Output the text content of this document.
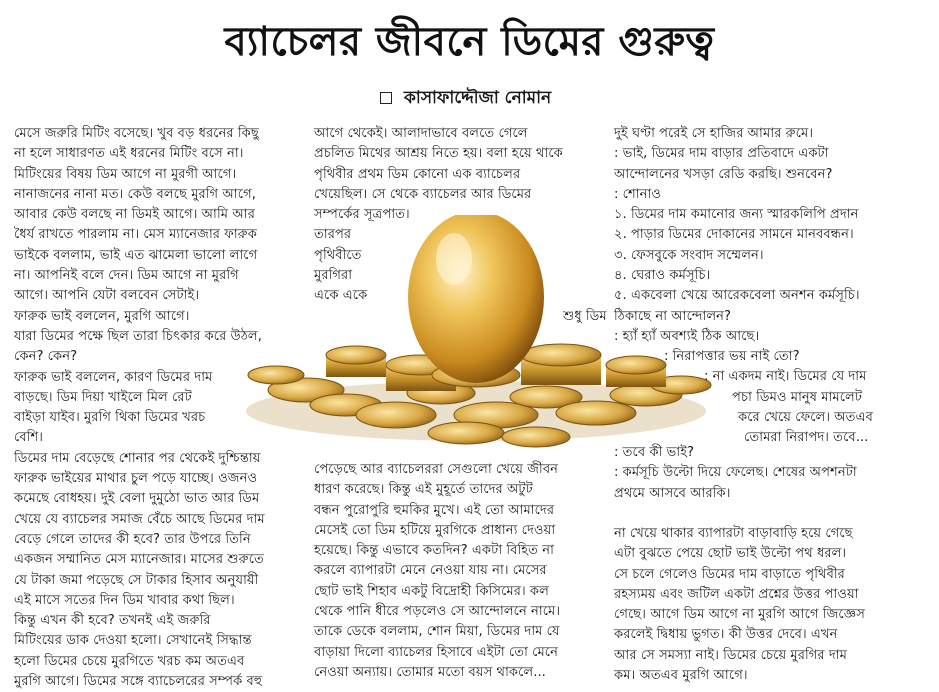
ব্যাচেলর জীবনে ডিমের গুরুত্ব
কাসাফাদ্দৌজা নোমান
মেসে জরুরি মিটিং বসেছে। খুব বড় ধরনের কিছু
না হলে সাধারণত এই ধরনের মিটিং বসে না।
মিটিংয়ের বিষয় ডিম আগে না মুরগী আগে।
নানাজনের নানা মত। কেউ বলছে মুরগি আগে,
আবার কেউ বলছে না ডিমই আগে। আমি আর
ধৈর্য রাখতে পারলাম না। মেস ম্যানেজার ফারুক
ভাইকে বললাম, ভাই এত ঝামেলা ভালো লাগে
না। আপনিই বলে দেন। ডিম আগে না মুরগি
আগে। আপনি যেটা বলবেন সেটাই।
ফারুক ভাই বললেন, মুরগি আগে।
যারা ডিমের পক্ষে ছিল তারা চিৎকার করে উঠল,
কেন? কেন?
ফারুক ভাই বললেন, কারণ ডিমের দাম
বাড়ছে। ডিম দিয়া খাইলে মিল রেট
বাইড়া যাইব। মুরগি থিকা ডিমের খরচ
বেশি।
ডিমের দাম বেড়েছে শোনার পর থেকেই দুশ্চিন্তায়
ফারুক ভাইয়ের মাথার চুল পড়ে যাচ্ছে। ওজনও
কমেছে বোধহয়। দুই বেলা দুমুঠো ভাত আর ডিম
খেয়ে যে ব্যাচেলর সমাজ বেঁচে আছে ডিমের দাম
বেড়ে গেলে তাদের কী হবে? তার উপরে তিনি
একজন সম্মানিত মেস ম্যানেজার। মাসের শুরুতে
যে টাকা জমা পড়েছে সে টাকার হিসাব অনুযায়ী
এই মাসে সতের দিন ডিম খাবার কথা ছিল।
কিন্তু এখন কী হবে? তখনই এই জরুরি
মিটিংয়ের ডাক দেওয়া হলো। সেখানেই সিদ্ধান্ত
হলো ডিমের চেয়ে মুরগিতে খরচ কম অতএব
মুরগি আগে। ডিমের সঙ্গে ব্যাচেলরের সম্পর্ক বহু
আগে থেকেই। আলাদাভাবে বলতে গেলে
প্রচলিত মিথের আশ্রয় নিতে হয়। বলা হয়ে থাকে
পৃথিবীর প্রথম ডিম কোনো এক ব্যাচেলর
খেয়েছিল। সে থেকে ব্যাচেলর আর ডিমের
সম্পর্কের সূত্রপাত।
তারপর
পৃথিবীতে
মুরগিরা
একে একে
শুধু ডিম
পেড়েছে আর ব্যাচেলররা সেগুলো খেয়ে জীবন
ধারণ করেছে। কিন্তু এই মুহূর্তে তাদের অটুট
বন্ধন পুরোপুরি হুমকির মুখে। এই তো আমাদের
মেসেই তো ডিম হটিয়ে মুরগিকে প্রাধান্য দেওয়া
হয়েছে। কিন্তু এভাবে কতদিন? একটা বিহিত না
করলে ব্যাপারটা মেনে নেওয়া যায় না। মেসের
ছোট ভাই শিহাব একটু বিদ্রোহী কিসিমের। কল
থেকে পানি ধীরে পড়লেও সে আন্দোলনে নামে।
তাকে ডেকে বললাম, শোন মিয়া, ডিমের দাম যে
বাড়ায়া দিলো ব্যাচেলর হিসাবে এইটা তো মেনে
নেওয়া অন্যায়। তোমার মতো বয়স থাকলে...
দুই ঘণ্টা পরেই সে হাজির আমার রুমে।
: ভাই, ডিমের দাম বাড়ার প্রতিবাদে একটা
আন্দোলনের খসড়া রেডি করছি। শুনবেন?
: শোনাও
১. ডিমের দাম কমানোর জন্য স্মারকলিপি প্রদান
২. পাড়ার ডিমের দোকানের সামনে মানববন্ধন।
৩. ফেসবুকে সংবাদ সম্মেলন।
৪. ঘেরাও কর্মসূচি।
৫. একবেলা খেয়ে আরেকবেলা অনশন কর্মসূচি।
ঠিকাছে না আন্দোলন?
: হ্যাঁ হ্যাঁ অবশ্যই ঠিক আছে।
: নিরাপত্তার ভয় নাই তো?
: না একদম নাই। ডিমের যে দাম
পচা ডিমও মানুষ মামলেট
করে খেয়ে ফেলে। অতএব
তোমরা নিরাপদ। তবে...
: তবে কী ভাই?
: কর্মসূচি উল্টো দিয়ে ফেলেছ। শেষের অপশনটা
প্রথমে আসবে আরকি।
না খেয়ে থাকার ব্যাপারটা বাড়াবাড়ি হয়ে গেছে
এটা বুঝতে পেয়ে ছোট ভাই উল্টো পথ ধরল।
সে চলে গেলেও ডিমের দাম বাড়াতে পৃথিবীর
রহস্যময় এবং জটিল একটা প্রশ্নের উত্তর পাওয়া
গেছে। আগে ডিম আগে না মুরগি আগে জিজ্ঞেস
করলেই দ্বিধায় ভুগত। কী উত্তর দেবে। এখন
আর সে সমস্যা নাই। ডিমের চেয়ে মুরগির দাম
কম। অতএব মুরগি আগে।
